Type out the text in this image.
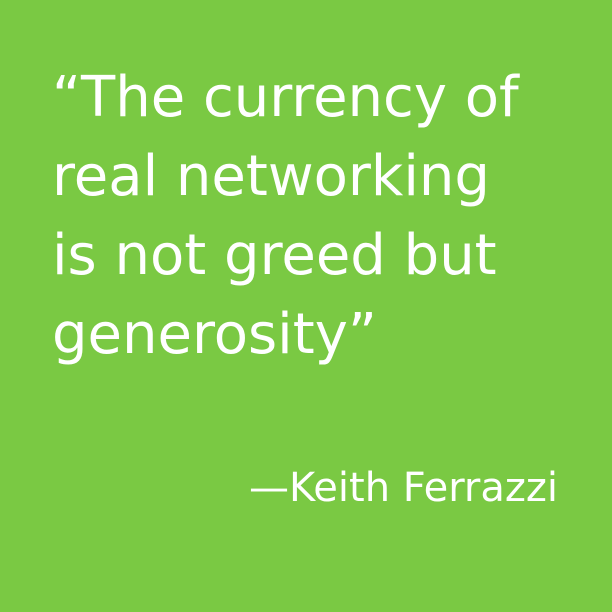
“The currency of
real networking
is not greed but
generosity”

—Keith Ferrazzi
